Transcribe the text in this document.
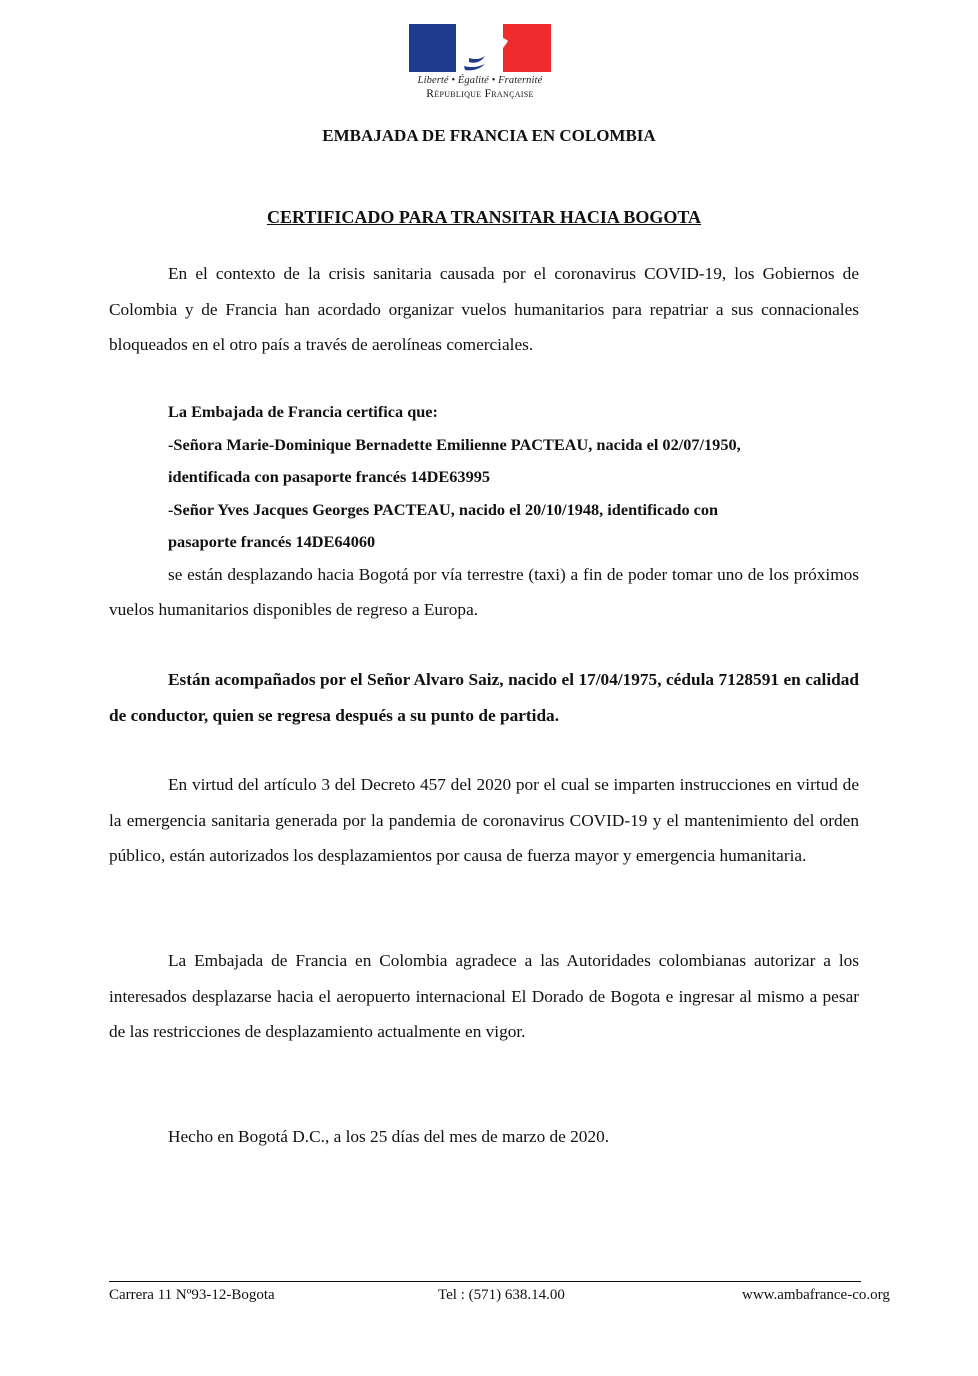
Liberté • Égalité • Fraternité
République Française
EMBAJADA DE FRANCIA EN COLOMBIA
CERTIFICADO PARA TRANSITAR HACIA BOGOTA
En el contexto de la crisis sanitaria causada por el coronavirus COVID-19, los Gobiernos de Colombia y de Francia han acordado organizar vuelos humanitarios para repatriar a sus connacionales bloqueados en el otro país a través de aerolíneas comerciales.
La Embajada de Francia certifica que:
-Señora Marie-Dominique Bernadette Emilienne PACTEAU, nacida el 02/07/1950,
identificada con pasaporte francés 14DE63995
-Señor Yves Jacques Georges PACTEAU, nacido el 20/10/1948, identificado con
pasaporte francés 14DE64060
se están desplazando hacia Bogotá por vía terrestre (taxi) a fin de poder tomar uno de los próximos vuelos humanitarios disponibles de regreso a Europa.
Están acompañados por el Señor Alvaro Saiz, nacido el 17/04/1975, cédula 7128591 en calidad de conductor, quien se regresa después a su punto de partida.
En virtud del artículo 3 del Decreto 457 del 2020 por el cual se imparten instrucciones en virtud de la emergencia sanitaria generada por la pandemia de coronavirus COVID-19 y el mantenimiento del orden público, están autorizados los desplazamientos por causa de fuerza mayor y emergencia humanitaria.
La Embajada de Francia en Colombia agradece a las Autoridades colombianas autorizar a los interesados desplazarse hacia el aeropuerto internacional El Dorado de Bogota e ingresar al mismo a pesar de las restricciones de desplazamiento actualmente en vigor.
Hecho en Bogotá D.C., a los 25 días del mes de marzo de 2020.
Carrera 11 Nº93-12-Bogota	Tel : (571) 638.14.00	www.ambafrance-co.org
